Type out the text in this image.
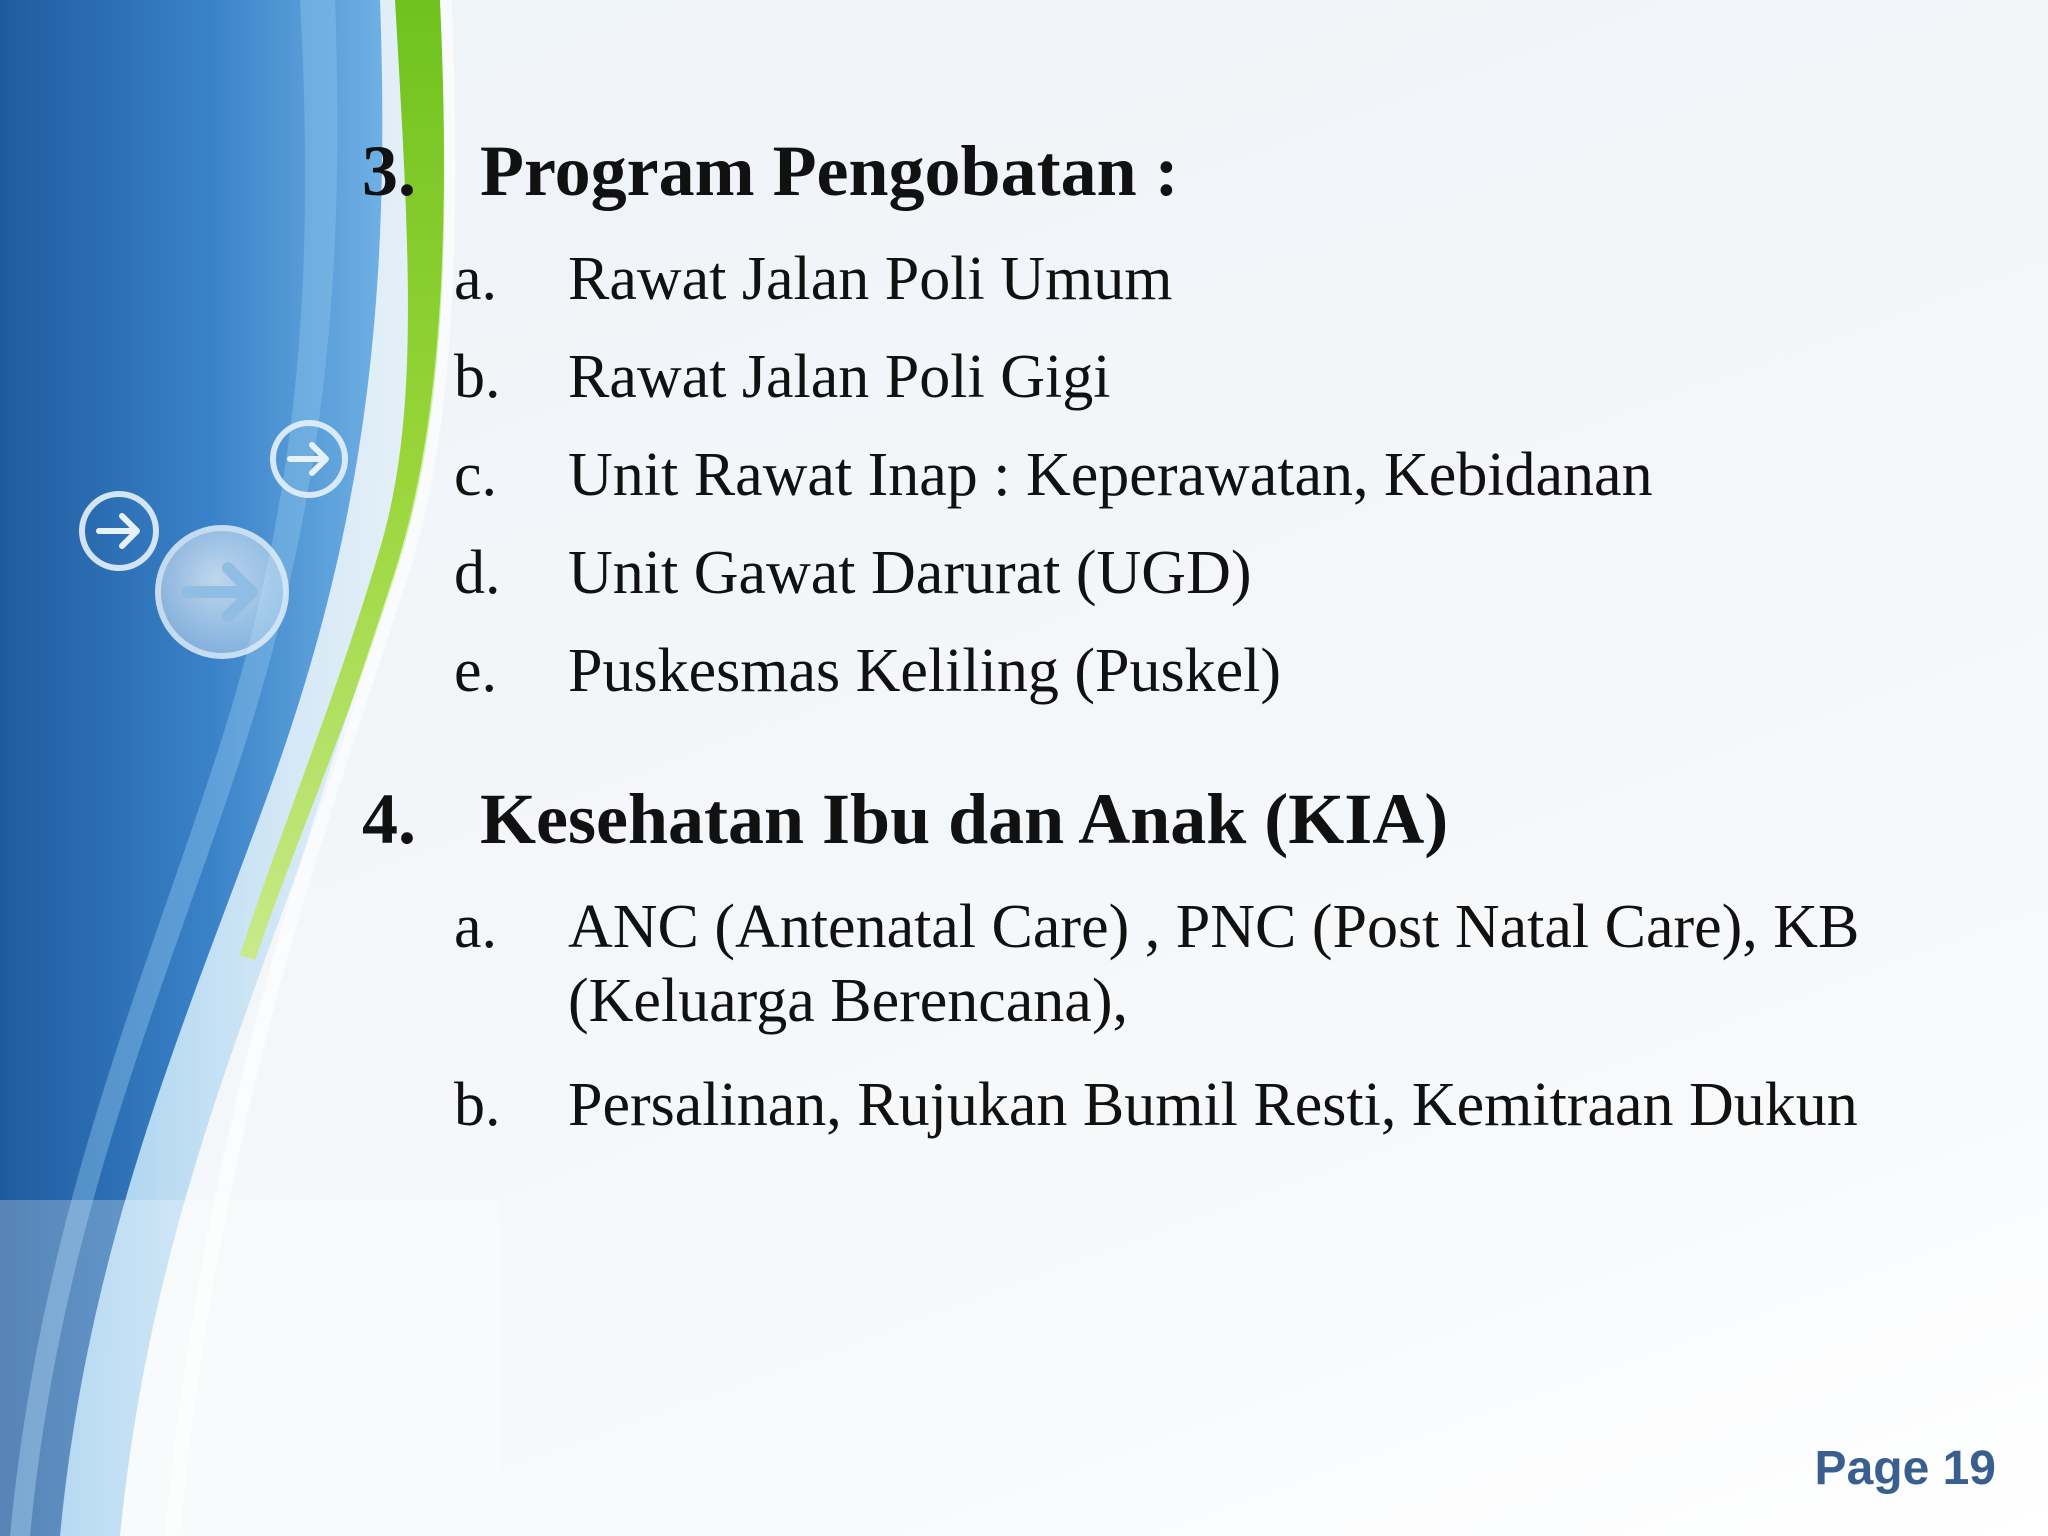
3. Program Pengobatan :

a. Rawat Jalan Poli Umum

b. Rawat Jalan Poli Gigi

c. Unit Rawat Inap : Keperawatan, Kebidanan

d. Unit Gawat Darurat (UGD)

e. Puskesmas Keliling (Puskel)

4. Kesehatan Ibu dan Anak (KIA)

a. ANC (Antenatal Care) , PNC (Post Natal Care), KB (Keluarga Berencana),

b. Persalinan, Rujukan Bumil Resti, Kemitraan Dukun

Page 19
